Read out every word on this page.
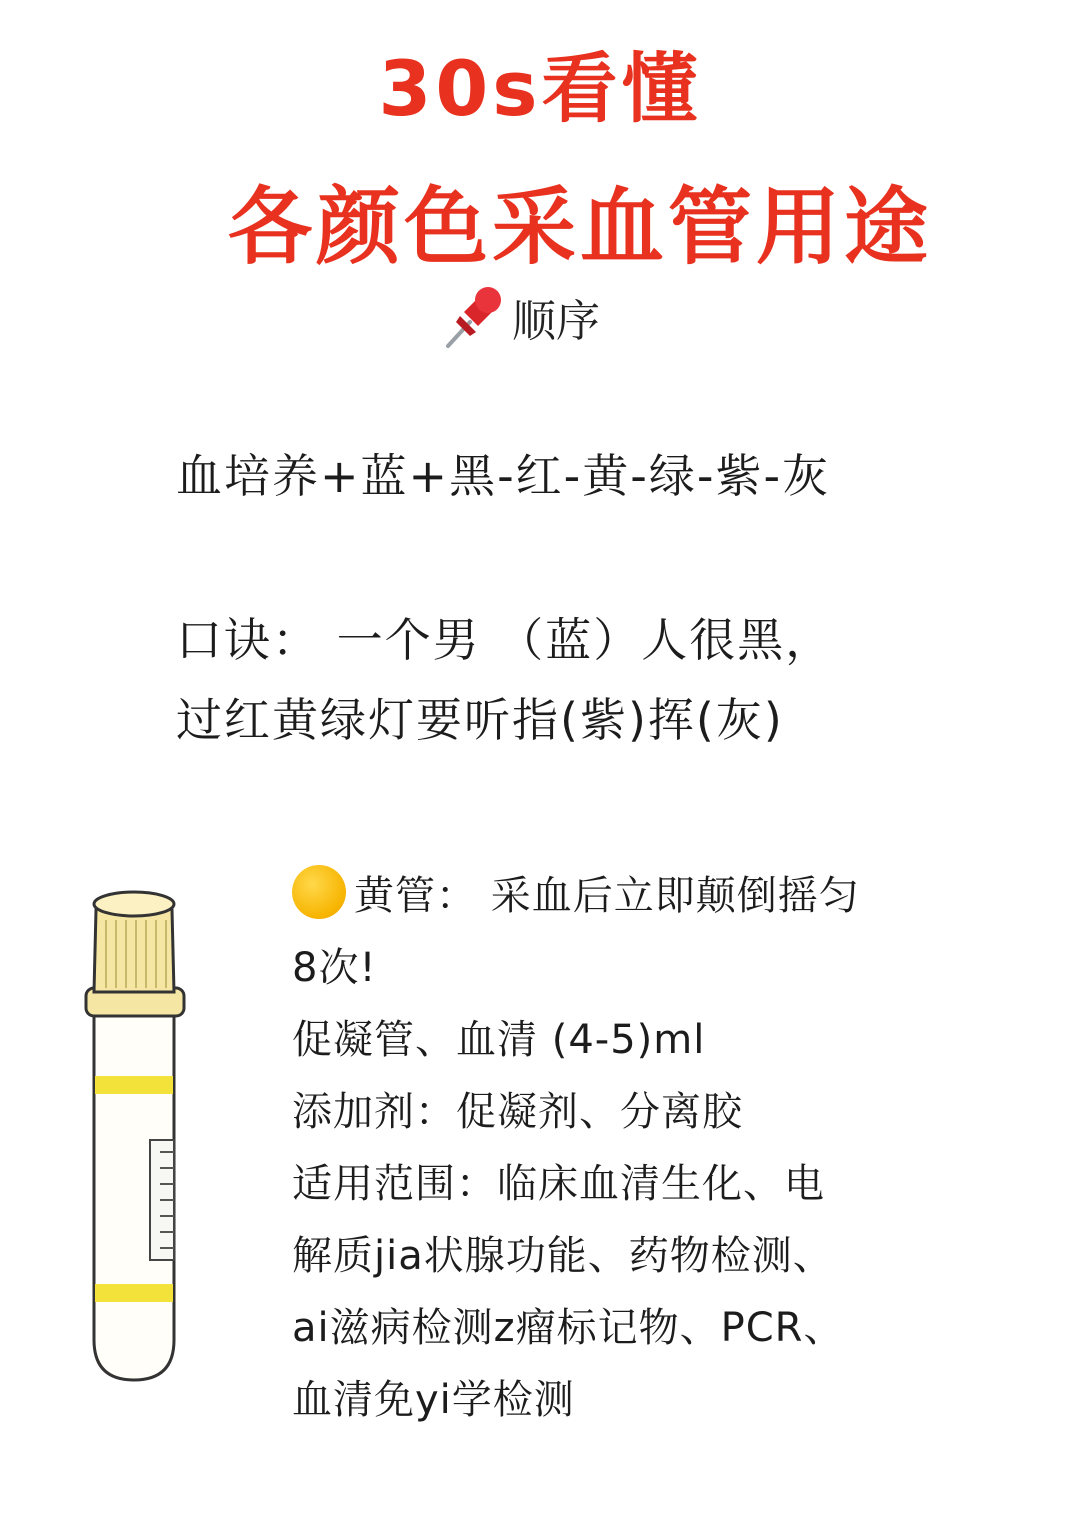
30s看懂
各颜色采血管用途
顺序
血培养+蓝+黑-红-黄-绿-紫-灰
口诀： 一个男 （蓝）人很黑，
过红黄绿灯要听指(紫)挥(灰)
黄管： 采血后立即颠倒摇匀
8次!
促凝管、血清 (4-5)ml
添加剂：促凝剂、分离胶
适用范围：临床血清生化、电
解质jia状腺功能、药物检测、
ai滋病检测z瘤标记物、PCR、
血清免yi学检测
